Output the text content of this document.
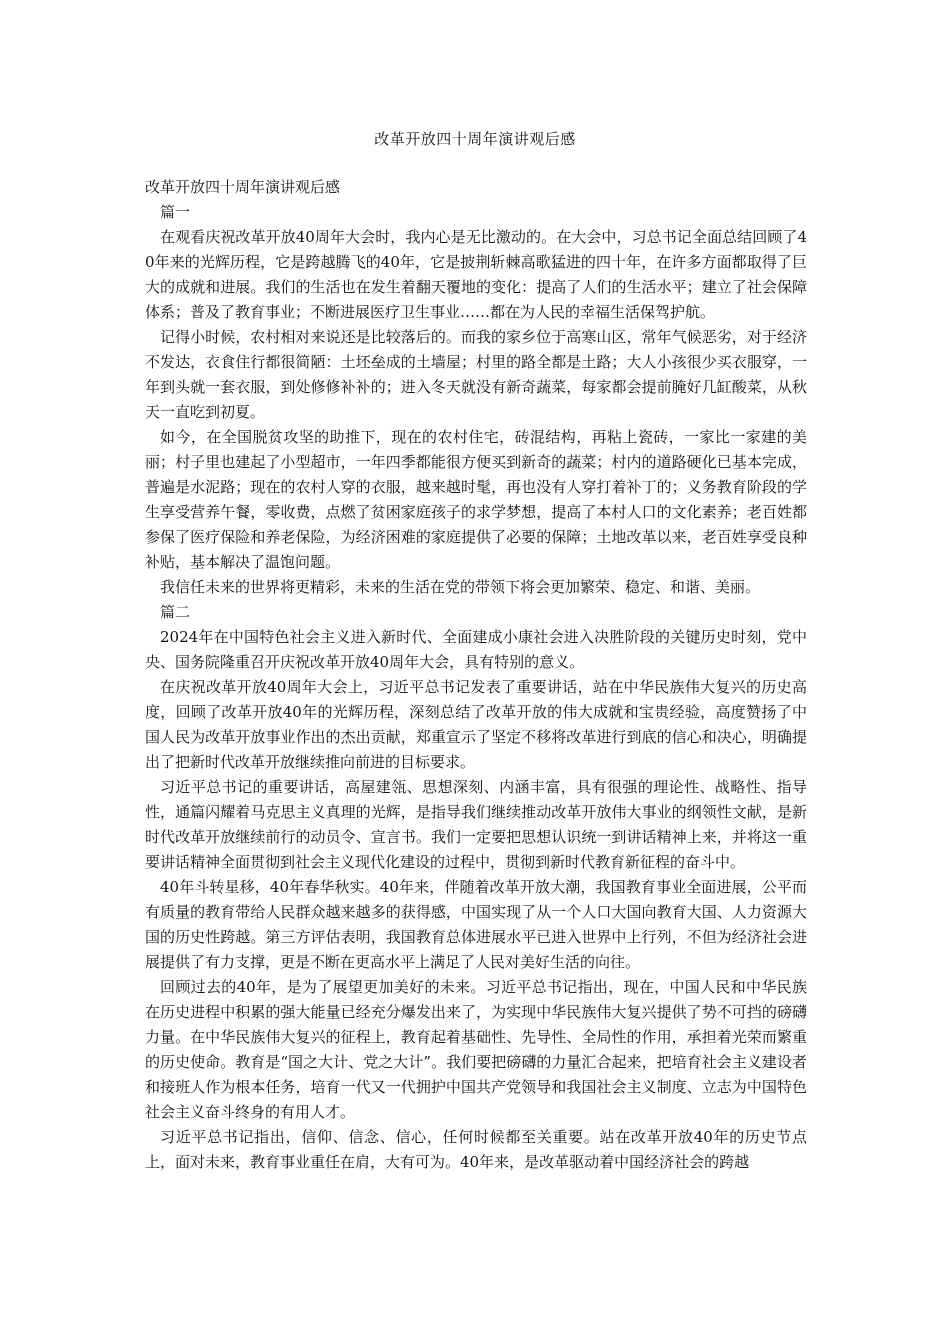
改革开放四十周年演讲观后感

改革开放四十周年演讲观后感

篇一

在观看庆祝改革开放40周年大会时，我内心是无比激动的。在大会中，习总书记全面总结回顾了40年来的光辉历程，它是跨越腾飞的40年，它是披荆斩棘高歌猛进的四十年，在许多方面都取得了巨大的成就和进展。我们的生活也在发生着翻天覆地的变化：提高了人们的生活水平；建立了社会保障体系；普及了教育事业；不断进展医疗卫生事业……都在为人民的幸福生活保驾护航。

记得小时候，农村相对来说还是比较落后的。而我的家乡位于高寒山区，常年气候恶劣，对于经济不发达，衣食住行都很简陋：土坯垒成的土墙屋；村里的路全都是土路；大人小孩很少买衣服穿，一年到头就一套衣服，到处修修补补的；进入冬天就没有新奇蔬菜，每家都会提前腌好几缸酸菜，从秋天一直吃到初夏。

如今，在全国脱贫攻坚的助推下，现在的农村住宅，砖混结构，再粘上瓷砖，一家比一家建的美丽；村子里也建起了小型超市，一年四季都能很方便买到新奇的蔬菜；村内的道路硬化已基本完成，普遍是水泥路；现在的农村人穿的衣服，越来越时髦，再也没有人穿打着补丁的；义务教育阶段的学生享受营养午餐，零收费，点燃了贫困家庭孩子的求学梦想，提高了本村人口的文化素养；老百姓都参保了医疗保险和养老保险，为经济困难的家庭提供了必要的保障；土地改革以来，老百姓享受良种补贴，基本解决了温饱问题。

我信任未来的世界将更精彩，未来的生活在党的带领下将会更加繁荣、稳定、和谐、美丽。

篇二

2024年在中国特色社会主义进入新时代、全面建成小康社会进入决胜阶段的关键历史时刻，党中央、国务院隆重召开庆祝改革开放40周年大会，具有特别的意义。

在庆祝改革开放40周年大会上，习近平总书记发表了重要讲话，站在中华民族伟大复兴的历史高度，回顾了改革开放40年的光辉历程，深刻总结了改革开放的伟大成就和宝贵经验，高度赞扬了中国人民为改革开放事业作出的杰出贡献，郑重宣示了坚定不移将改革进行到底的信心和决心，明确提出了把新时代改革开放继续推向前进的目标要求。

习近平总书记的重要讲话，高屋建瓴、思想深刻、内涵丰富，具有很强的理论性、战略性、指导性，通篇闪耀着马克思主义真理的光辉，是指导我们继续推动改革开放伟大事业的纲领性文献，是新时代改革开放继续前行的动员令、宣言书。我们一定要把思想认识统一到讲话精神上来，并将这一重要讲话精神全面贯彻到社会主义现代化建设的过程中，贯彻到新时代教育新征程的奋斗中。

40年斗转星移，40年春华秋实。40年来，伴随着改革开放大潮，我国教育事业全面进展，公平而有质量的教育带给人民群众越来越多的获得感，中国实现了从一个人口大国向教育大国、人力资源大国的历史性跨越。第三方评估表明，我国教育总体进展水平已进入世界中上行列，不但为经济社会进展提供了有力支撑，更是不断在更高水平上满足了人民对美好生活的向往。

回顾过去的40年，是为了展望更加美好的未来。习近平总书记指出，现在，中国人民和中华民族在历史进程中积累的强大能量已经充分爆发出来了，为实现中华民族伟大复兴提供了势不可挡的磅礴力量。在中华民族伟大复兴的征程上，教育起着基础性、先导性、全局性的作用，承担着光荣而繁重的历史使命。教育是“国之大计、党之大计”。我们要把磅礴的力量汇合起来，把培育社会主义建设者和接班人作为根本任务，培育一代又一代拥护中国共产党领导和我国社会主义制度、立志为中国特色社会主义奋斗终身的有用人才。

习近平总书记指出，信仰、信念、信心，任何时候都至关重要。站在改革开放40年的历史节点上，面对未来，教育事业重任在肩，大有可为。40年来，是改革驱动着中国经济社会的跨越
